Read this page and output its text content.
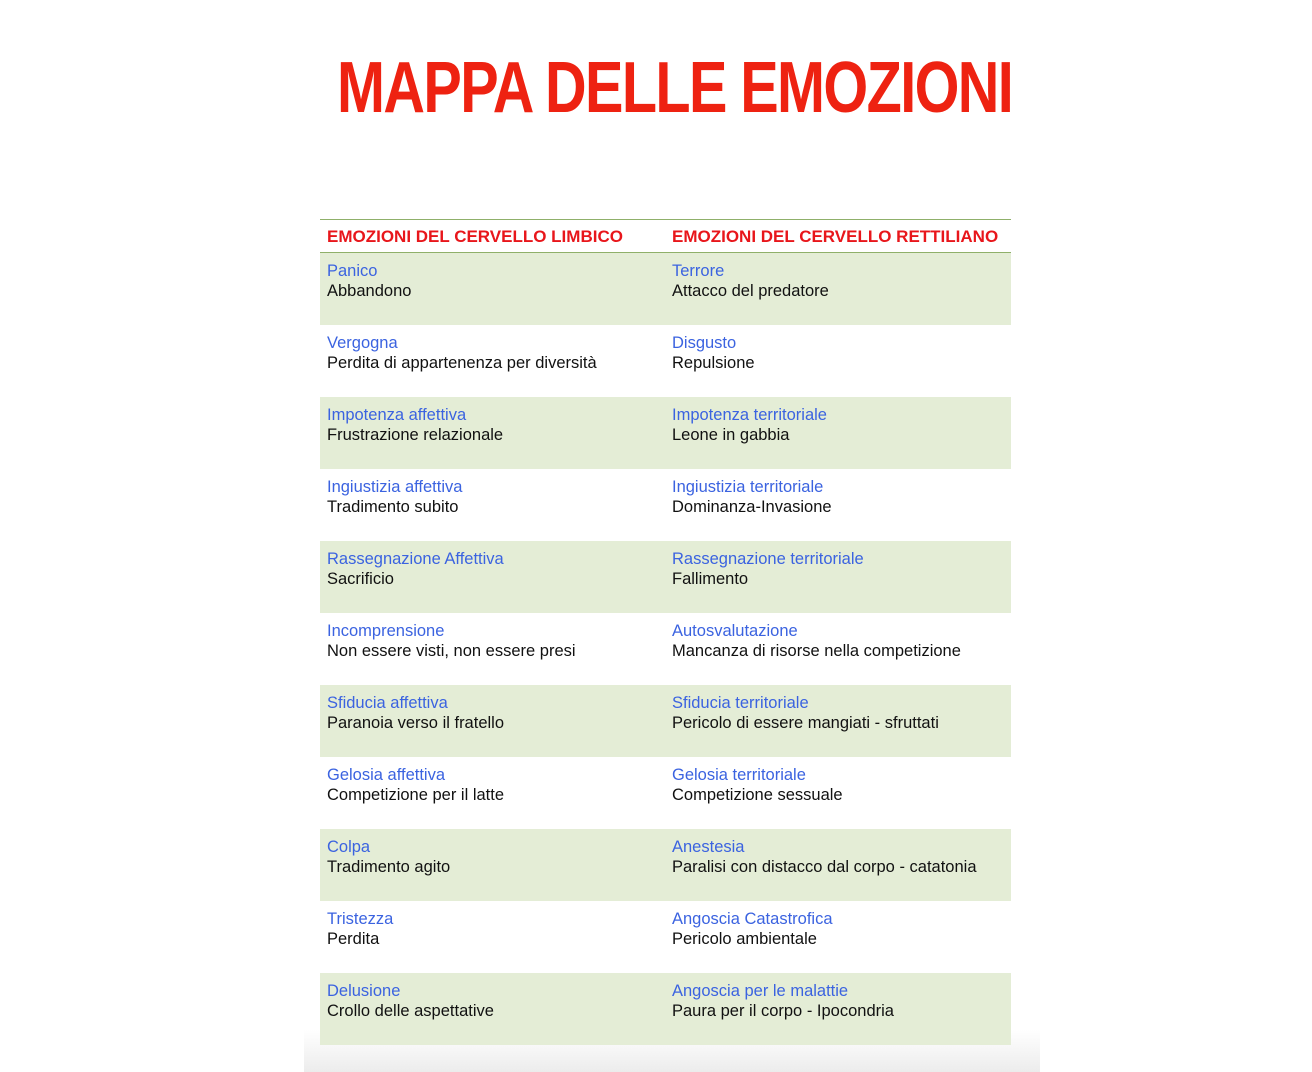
MAPPA DELLE EMOZIONI
EMOZIONI DEL CERVELLO LIMBICO	EMOZIONI DEL CERVELLO RETTILIANO
Panico
Abbandono
Terrore
Attacco del predatore
Vergogna
Perdita di appartenenza per diversità
Disgusto
Repulsione
Impotenza affettiva
Frustrazione relazionale
Impotenza territoriale
Leone in gabbia
Ingiustizia affettiva
Tradimento subito
Ingiustizia territoriale
Dominanza-Invasione
Rassegnazione Affettiva
Sacrificio
Rassegnazione territoriale
Fallimento
Incomprensione
Non essere visti, non essere presi
Autosvalutazione
Mancanza di risorse nella competizione
Sfiducia affettiva
Paranoia verso il fratello
Sfiducia territoriale
Pericolo di essere mangiati - sfruttati
Gelosia affettiva
Competizione per il latte
Gelosia territoriale
Competizione sessuale
Colpa
Tradimento agito
Anestesia
Paralisi con distacco dal corpo - catatonia
Tristezza
Perdita
Angoscia Catastrofica
Pericolo ambientale
Delusione
Crollo delle aspettative
Angoscia per le malattie
Paura per il corpo - Ipocondria
